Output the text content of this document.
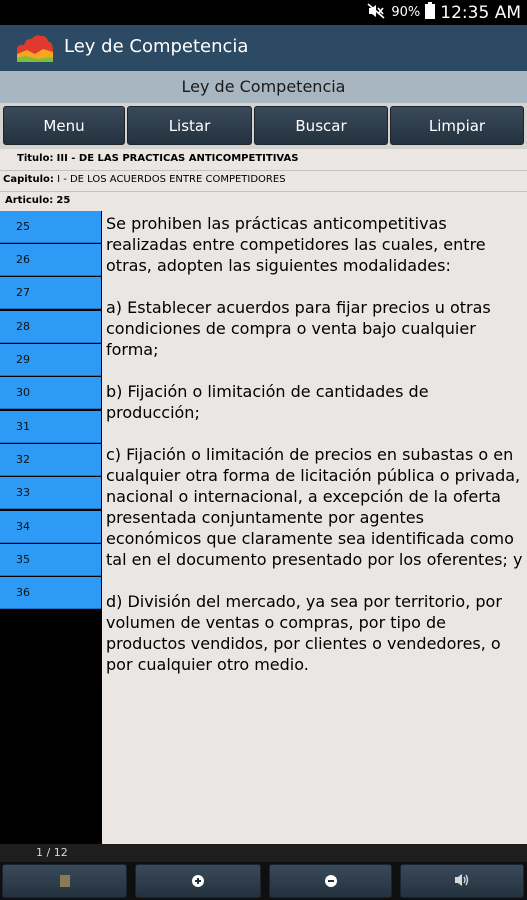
90% 12:35 AM
Ley de Competencia
Ley de Competencia
Menu	Listar	Buscar	Limpiar
Titulo: III - DE LAS PRACTICAS ANTICOMPETITIVAS
Capitulo: I - DE LOS ACUERDOS ENTRE COMPETIDORES
Articulo: 25
25
26
27
28
29
30
31
32
33
34
35
36

Se prohiben las prácticas anticompetitivas realizadas entre competidores las cuales, entre otras, adopten las siguientes modalidades:

a) Establecer acuerdos para fijar precios u otras condiciones de compra o venta bajo cualquier forma;

b) Fijación o limitación de cantidades de producción;

c) Fijación o limitación de precios en subastas o en cualquier otra forma de licitación pública o privada, nacional o internacional, a excepción de la oferta presentada conjuntamente por agentes económicos que claramente sea identificada como tal en el documento presentado por los oferentes; y

d) División del mercado, ya sea por territorio, por volumen de ventas o compras, por tipo de productos vendidos, por clientes o vendedores, o por cualquier otro medio.

1 / 12
